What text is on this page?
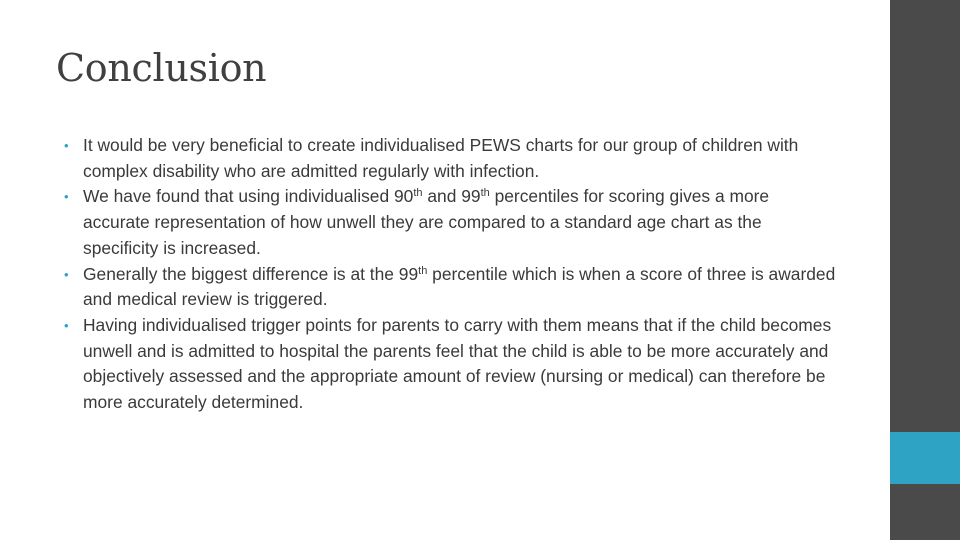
Conclusion
• It would be very beneficial to create individualised PEWS charts for our group of children with complex disability who are admitted regularly with infection.
• We have found that using individualised 90th and 99th percentiles for scoring gives a more accurate representation of how unwell they are compared to a standard age chart as the specificity is increased.
• Generally the biggest difference is at the 99th percentile which is when a score of three is awarded and medical review is triggered.
• Having individualised trigger points for parents to carry with them means that if the child becomes unwell and is admitted to hospital the parents feel that the child is able to be more accurately and objectively assessed and the appropriate amount of review (nursing or medical) can therefore be more accurately determined.
